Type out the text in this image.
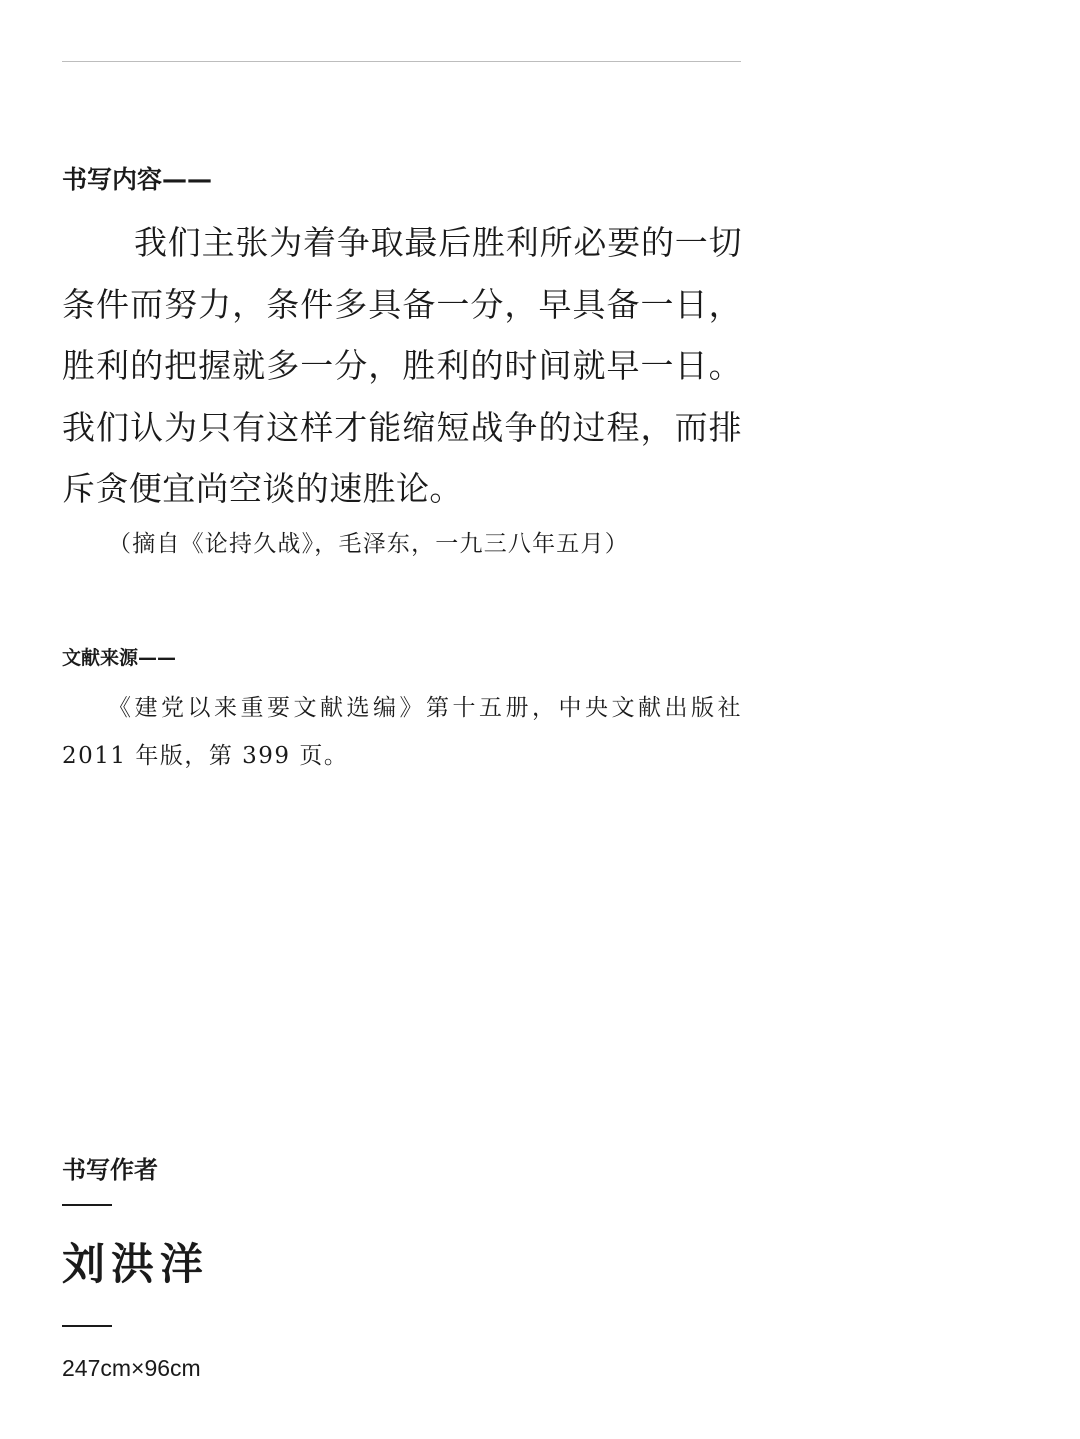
书写内容——

我们主张为着争取最后胜利所必要的一切条件而努力，条件多具备一分，早具备一日，胜利的把握就多一分，胜利的时间就早一日。我们认为只有这样才能缩短战争的过程，而排斥贪便宜尚空谈的速胜论。

（摘自《论持久战》，毛泽东，一九三八年五月）

文献来源——

《建党以来重要文献选编》第十五册，中央文献出版社 2011 年版，第 399 页。

书写作者

刘洪洋

247cm×96cm
